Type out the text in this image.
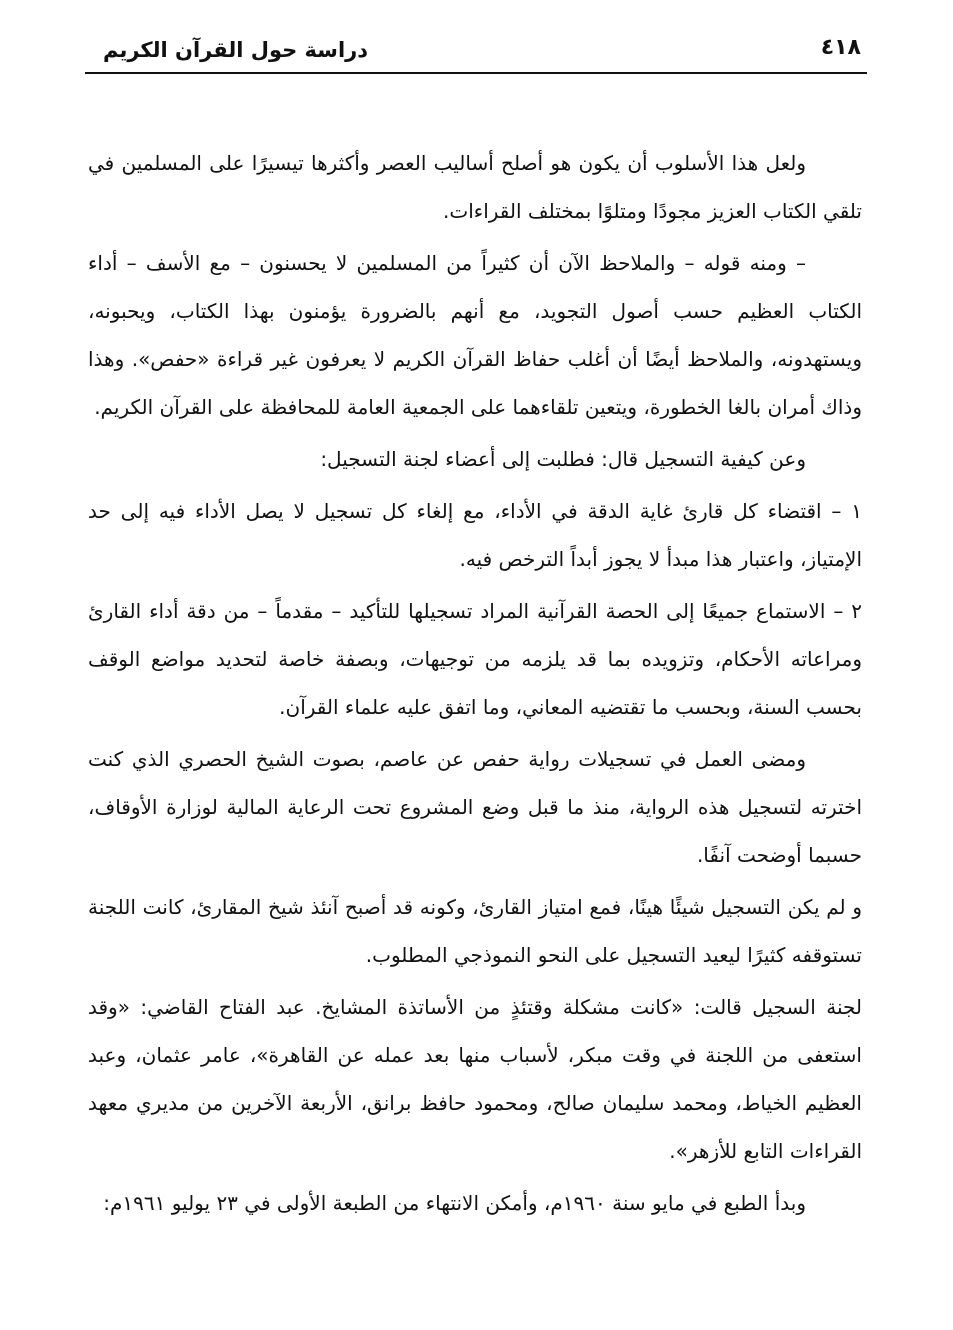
٤١٨
دراسة حول القرآن الكريم

ولعل هذا الأسلوب أن يكون هو أصلح أساليب العصر وأكثرها تيسيرًا على المسلمين في تلقي الكتاب العزيز مجودًا ومتلوًا بمختلف القراءات.

– ومنه قوله – والملاحظ الآن أن كثيراً من المسلمين لا يحسنون – مع الأسف – أداء الكتاب العظيم حسب أصول التجويد، مع أنهم بالضرورة يؤمنون بهذا الكتاب، ويحبونه، ويستهدونه، والملاحظ أيضًا أن أغلب حفاظ القرآن الكريم لا يعرفون غير قراءة «حفص». وهذا وذاك أمران بالغا الخطورة، ويتعين تلقاءهما على الجمعية العامة للمحافظة على القرآن الكريم.

وعن كيفية التسجيل قال: فطلبت إلى أعضاء لجنة التسجيل:

١ – اقتضاء كل قارئ غاية الدقة في الأداء، مع إلغاء كل تسجيل لا يصل الأداء فيه إلى حد الإمتياز، واعتبار هذا مبدأ لا يجوز أبداً الترخص فيه.

٢ – الاستماع جميعًا إلى الحصة القرآنية المراد تسجيلها للتأكيد – مقدماً – من دقة أداء القارئ ومراعاته الأحكام، وتزويده بما قد يلزمه من توجيهات، وبصفة خاصة لتحديد مواضع الوقف بحسب السنة، وبحسب ما تقتضيه المعاني، وما اتفق عليه علماء القرآن.

ومضى العمل في تسجيلات رواية حفص عن عاصم، بصوت الشيخ الحصري الذي كنت اخترته لتسجيل هذه الرواية، منذ ما قبل وضع المشروع تحت الرعاية المالية لوزارة الأوقاف، حسبما أوضحت آنفًا.

و لم يكن التسجيل شيئًا هينًا، فمع امتياز القارئ، وكونه قد أصبح آنئذ شيخ المقارئ، كانت اللجنة تستوقفه كثيرًا ليعيد التسجيل على النحو النموذجي المطلوب.

لجنة السجيل قالت: «كانت مشكلة وقتئذٍ من الأساتذة المشايخ. عبد الفتاح القاضي: «وقد استعفى من اللجنة في وقت مبكر، لأسباب منها بعد عمله عن القاهرة»، عامر عثمان، وعبد العظيم الخياط، ومحمد سليمان صالح، ومحمود حافظ برانق، الأربعة الآخرين من مديري معهد القراءات التابع للأزهر».

وبدأ الطبع في مايو سنة ١٩٦٠م، وأمكن الانتهاء من الطبعة الأولى في ٢٣ يوليو ١٩٦١م:
